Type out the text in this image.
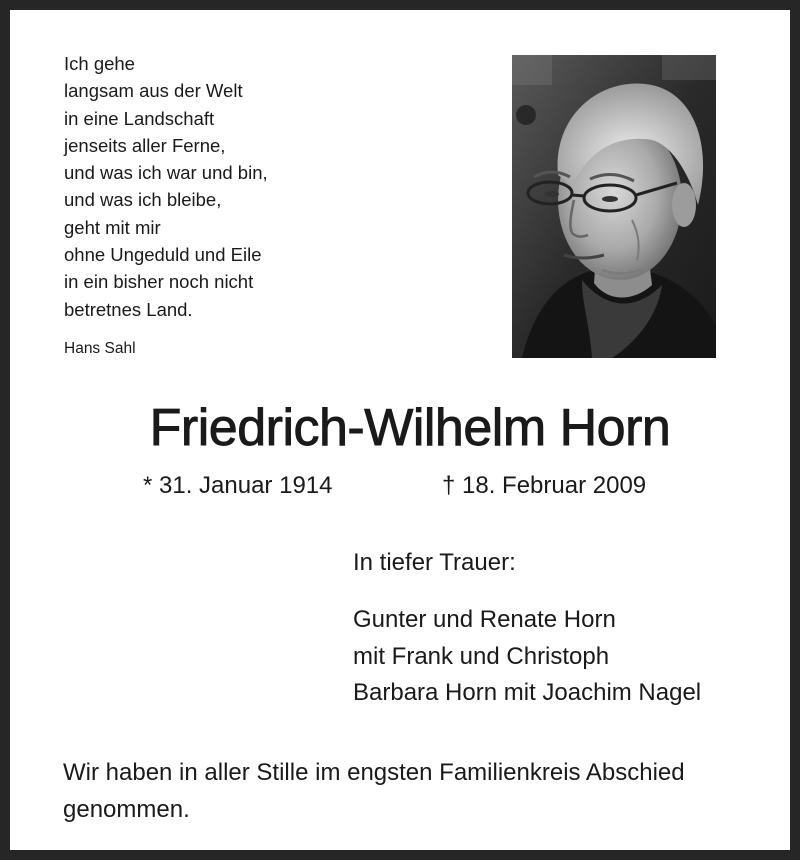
Ich gehe
langsam aus der Welt
in eine Landschaft
jenseits aller Ferne,
und was ich war und bin,
und was ich bleibe,
geht mit mir
ohne Ungeduld und Eile
in ein bisher noch nicht
betretnes Land.
Hans Sahl
Friedrich-Wilhelm Horn
* 31. Januar 1914	† 18. Februar 2009
In tiefer Trauer:
Gunter und Renate Horn
mit Frank und Christoph
Barbara Horn mit Joachim Nagel
Wir haben in aller Stille im engsten Familienkreis Abschied genommen.
